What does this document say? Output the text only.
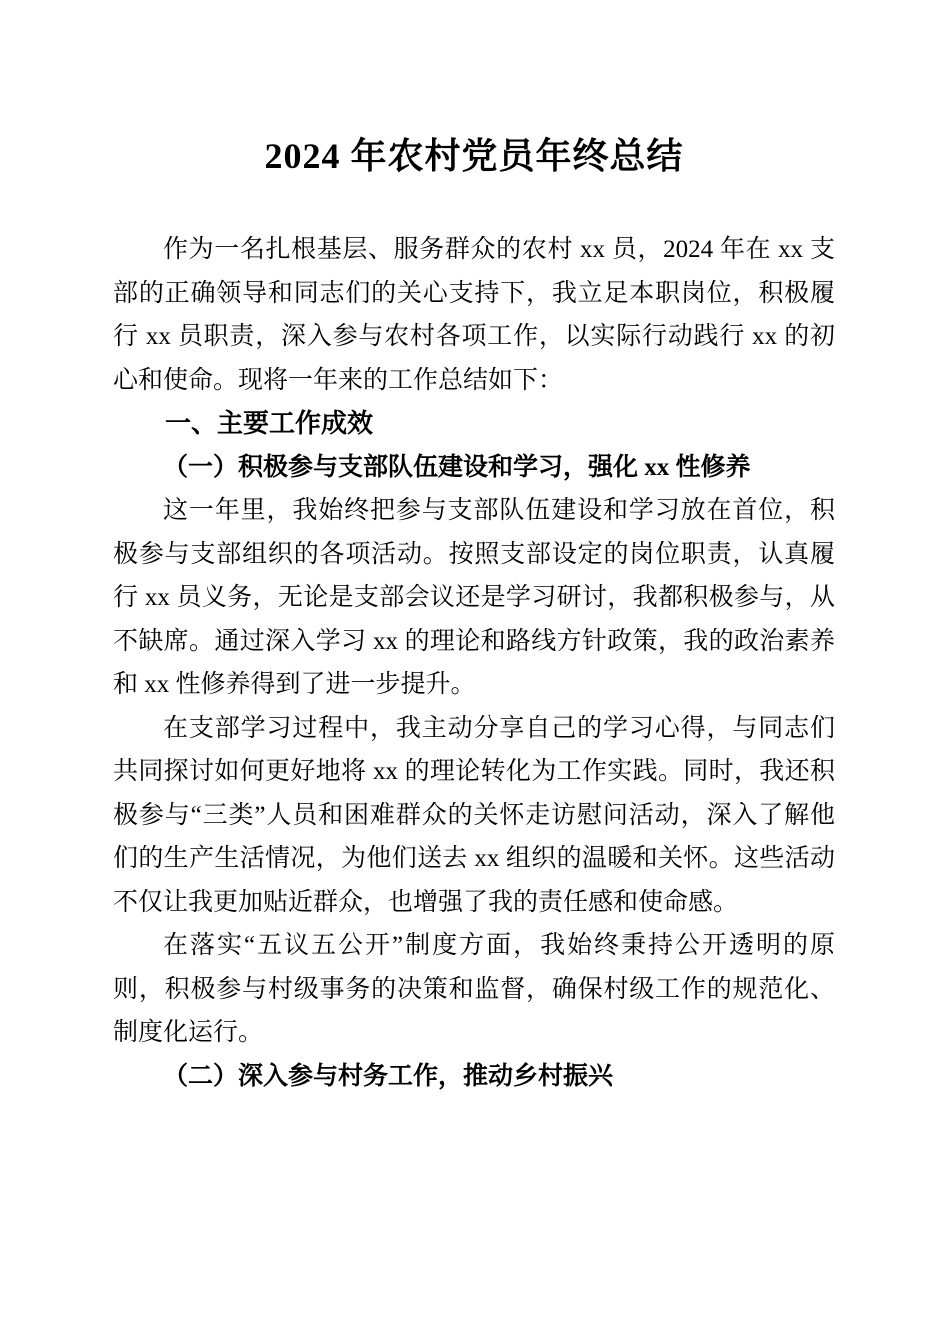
2024 年农村党员年终总结

作为一名扎根基层、服务群众的农村 xx 员，2024 年在 xx 支部的正确领导和同志们的关心支持下，我立足本职岗位，积极履行 xx 员职责，深入参与农村各项工作，以实际行动践行 xx 的初心和使命。现将一年来的工作总结如下：

一、主要工作成效
（一）积极参与支部队伍建设和学习，强化 xx 性修养

这一年里，我始终把参与支部队伍建设和学习放在首位，积极参与支部组织的各项活动。按照支部设定的岗位职责，认真履行 xx 员义务，无论是支部会议还是学习研讨，我都积极参与，从不缺席。通过深入学习 xx 的理论和路线方针政策，我的政治素养和 xx 性修养得到了进一步提升。

在支部学习过程中，我主动分享自己的学习心得，与同志们共同探讨如何更好地将 xx 的理论转化为工作实践。同时，我还积极参与“三类”人员和困难群众的关怀走访慰问活动，深入了解他们的生产生活情况，为他们送去 xx 组织的温暖和关怀。这些活动不仅让我更加贴近群众，也增强了我的责任感和使命感。

在落实“五议五公开”制度方面，我始终秉持公开透明的原则，积极参与村级事务的决策和监督，确保村级工作的规范化、制度化运行。

（二）深入参与村务工作，推动乡村振兴
